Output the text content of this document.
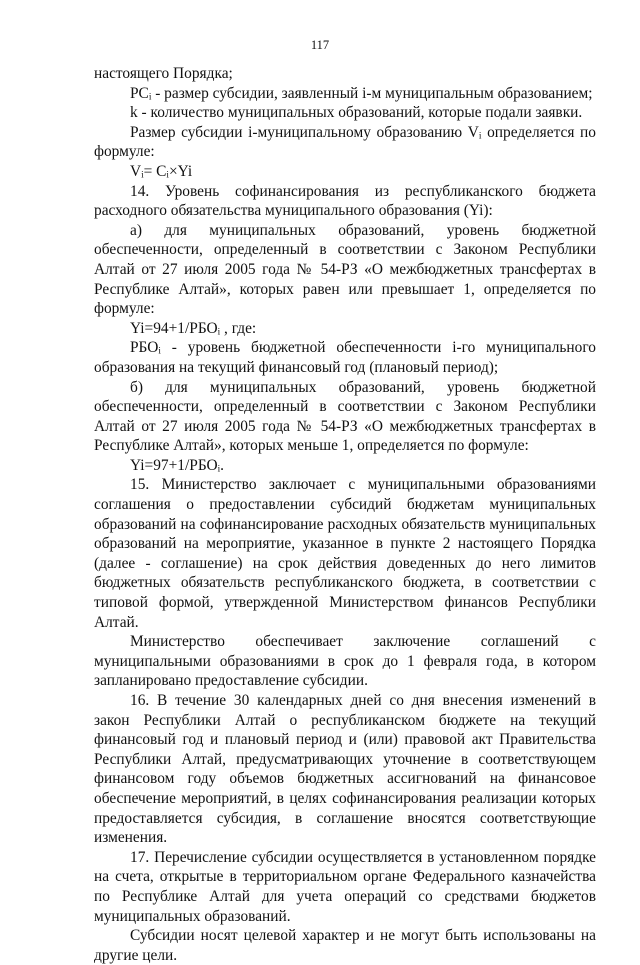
117

настоящего Порядка;

PCᵢ - размер субсидии, заявленный i-м муниципальным образованием;

k - количество муниципальных образований, которые подали заявки.

Размер субсидии i-муниципальному образованию Vᵢ определяется по формуле:

Vᵢ= Cᵢ×Yi

14. Уровень софинансирования из республиканского бюджета расходного обязательства муниципального образования (Yi):

а) для муниципальных образований, уровень бюджетной обеспеченности, определенный в соответствии с Законом Республики Алтай от 27 июля 2005 года № 54-РЗ «О межбюджетных трансфертах в Республике Алтай», которых равен или превышает 1, определяется по формуле:

Yi=94+1/РБОᵢ , где:

РБОᵢ - уровень бюджетной обеспеченности i-го муниципального образования на текущий финансовый год (плановый период);

б) для муниципальных образований, уровень бюджетной обеспеченности, определенный в соответствии с Законом Республики Алтай от 27 июля 2005 года № 54-РЗ «О межбюджетных трансфертах в Республике Алтай», которых меньше 1, определяется по формуле:

Yi=97+1/РБОᵢ.

15. Министерство заключает с муниципальными образованиями соглашения о предоставлении субсидий бюджетам муниципальных образований на софинансирование расходных обязательств муниципальных образований на мероприятие, указанное в пункте 2 настоящего Порядка (далее - соглашение) на срок действия доведенных до него лимитов бюджетных обязательств республиканского бюджета, в соответствии с типовой формой, утвержденной Министерством финансов Республики Алтай.

Министерство обеспечивает заключение соглашений с муниципальными образованиями в срок до 1 февраля года, в котором запланировано предоставление субсидии.

16. В течение 30 календарных дней со дня внесения изменений в закон Республики Алтай о республиканском бюджете на текущий финансовый год и плановый период и (или) правовой акт Правительства Республики Алтай, предусматривающих уточнение в соответствующем финансовом году объемов бюджетных ассигнований на финансовое обеспечение мероприятий, в целях софинансирования реализации которых предоставляется субсидия, в соглашение вносятся соответствующие изменения.

17. Перечисление субсидии осуществляется в установленном порядке на счета, открытые в территориальном органе Федерального казначейства по Республике Алтай для учета операций со средствами бюджетов муниципальных образований.

Субсидии носят целевой характер и не могут быть использованы на другие цели.
